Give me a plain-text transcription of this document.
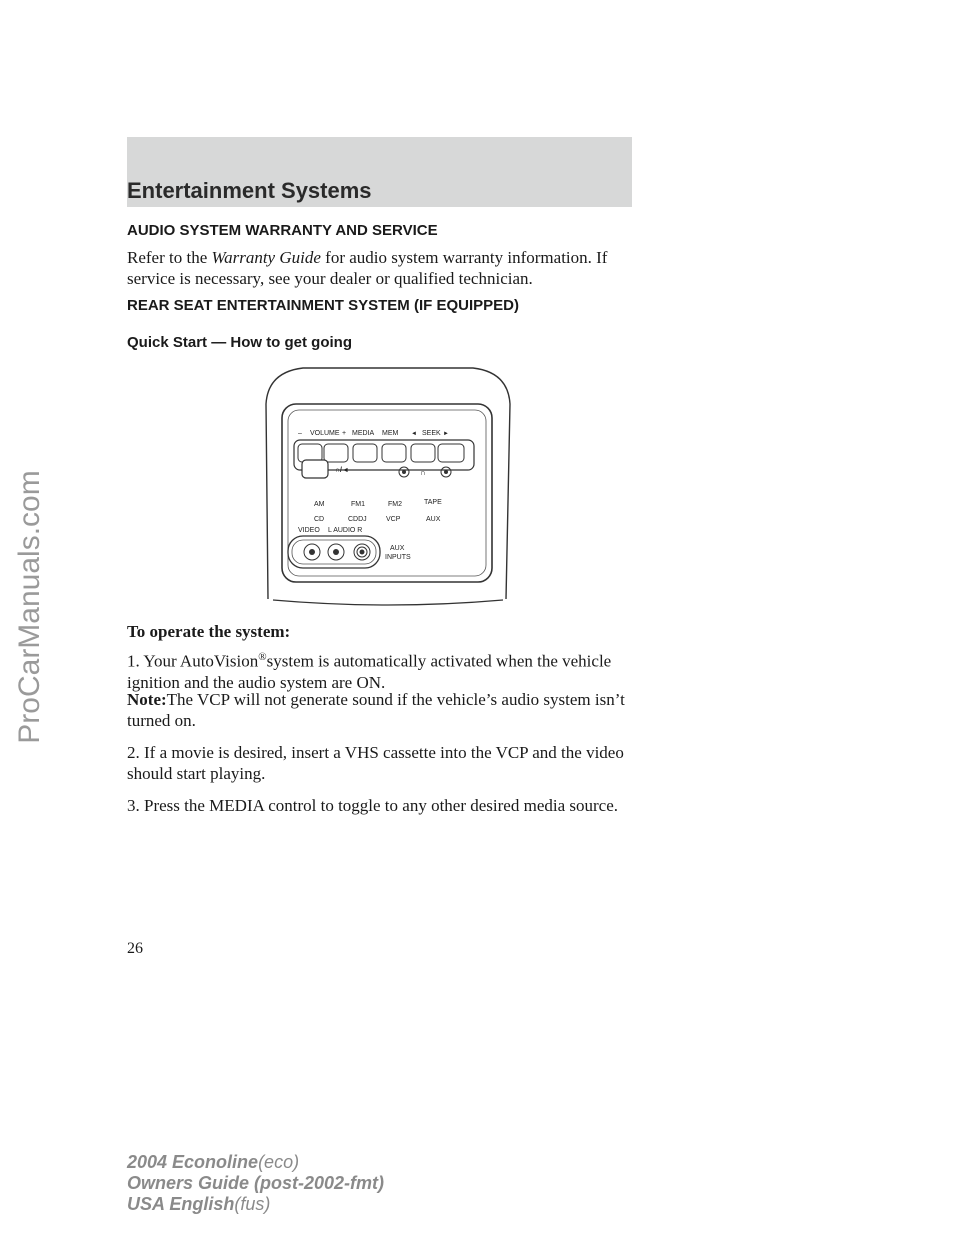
ProCarManuals.com
Entertainment Systems
AUDIO SYSTEM WARRANTY AND SERVICE
Refer to the Warranty Guide for audio system warranty information. If service is necessary, see your dealer or qualified technician.
REAR SEAT ENTERTAINMENT SYSTEM (IF EQUIPPED)
Quick Start — How to get going
– VOLUME + MEDIA MEM ◄ SEEK ►
∩/◄	∩
AM	FM1	FM2	TAPE
CD	CDDJ	VCP	AUX
VIDEO L AUDIO R
AUX
INPUTS
To operate the system:
1. Your AutoVision®system is automatically activated when the vehicle ignition and the audio system are ON.
Note:The VCP will not generate sound if the vehicle’s audio system isn’t turned on.
2. If a movie is desired, insert a VHS cassette into the VCP and the video should start playing.
3. Press the MEDIA control to toggle to any other desired media source.
26
2004 Econoline(eco)
Owners Guide (post-2002-fmt)
USA English(fus)
